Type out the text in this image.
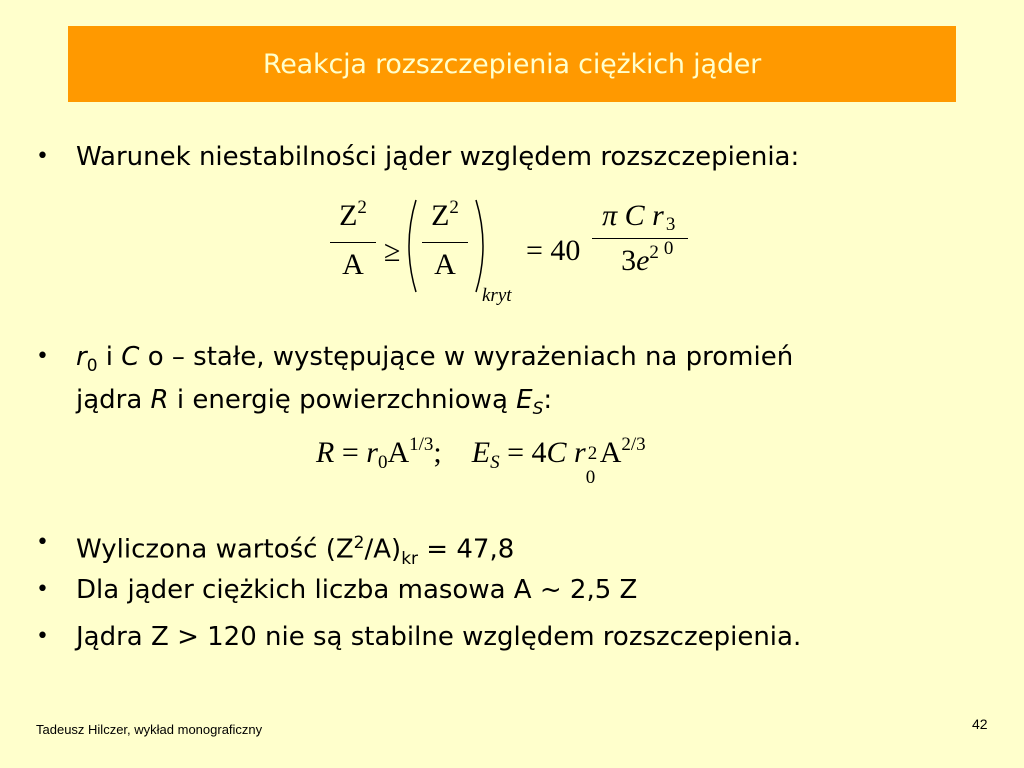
Reakcja rozszczepienia ciężkich jąder
•	Warunek niestabilności jąder względem rozszczepienia:
$Z^2$
A ≥
$Z^2$
A
kryt
= 40
π C r
0
3
$3e^2$
•	$r_0$ i C o – stałe, występujące w wyrażeniach na promień
jądra R i energię powierzchniową $E_S$:
$R = r_0A^{1/3}$; $E_S = 4C$ r
0
2 $A^{2/3}$
•	Wyliczona wartość $(Z^2/A)_{kr} = 47,8$
•	Dla jąder ciężkich liczba masowa A ~ 2,5 Z
•	Jądra Z > 120 nie są stabilne względem rozszczepienia.
Tadeusz Hilczer, wykład monograficzny	42
